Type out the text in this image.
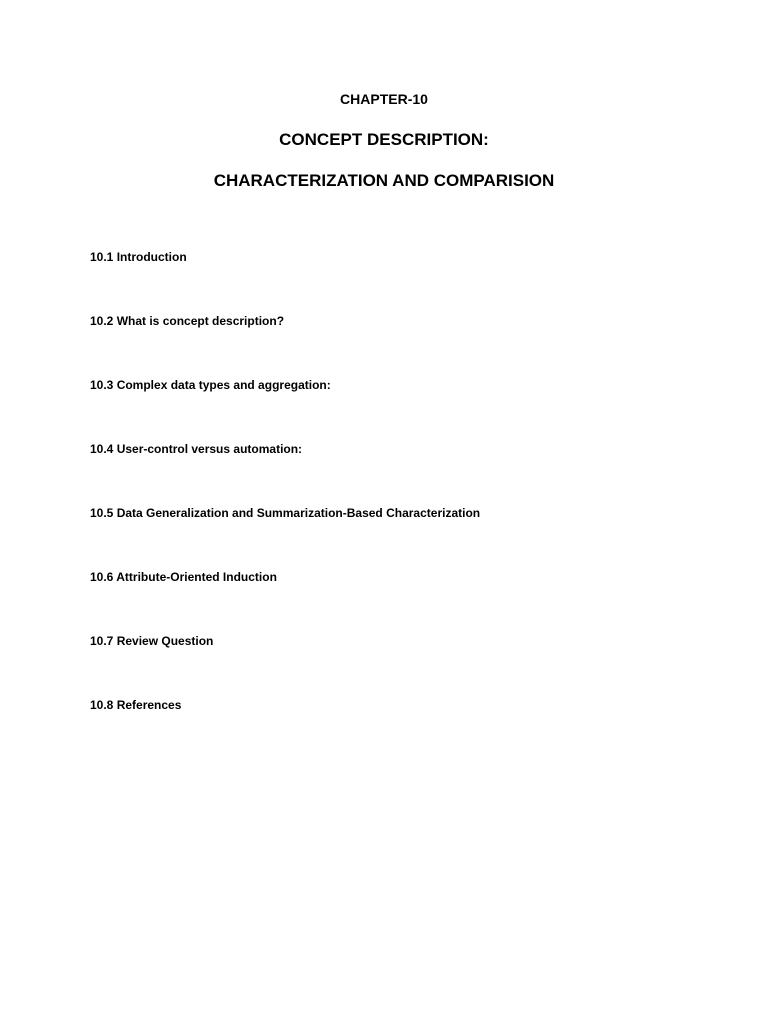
CHAPTER-10
CONCEPT DESCRIPTION:
CHARACTERIZATION AND COMPARISION
10.1 Introduction
10.2 What is concept description?
10.3 Complex data types and aggregation:
10.4 User-control versus automation:
10.5 Data Generalization and Summarization-Based Characterization
10.6 Attribute-Oriented Induction
10.7 Review Question
10.8 References
